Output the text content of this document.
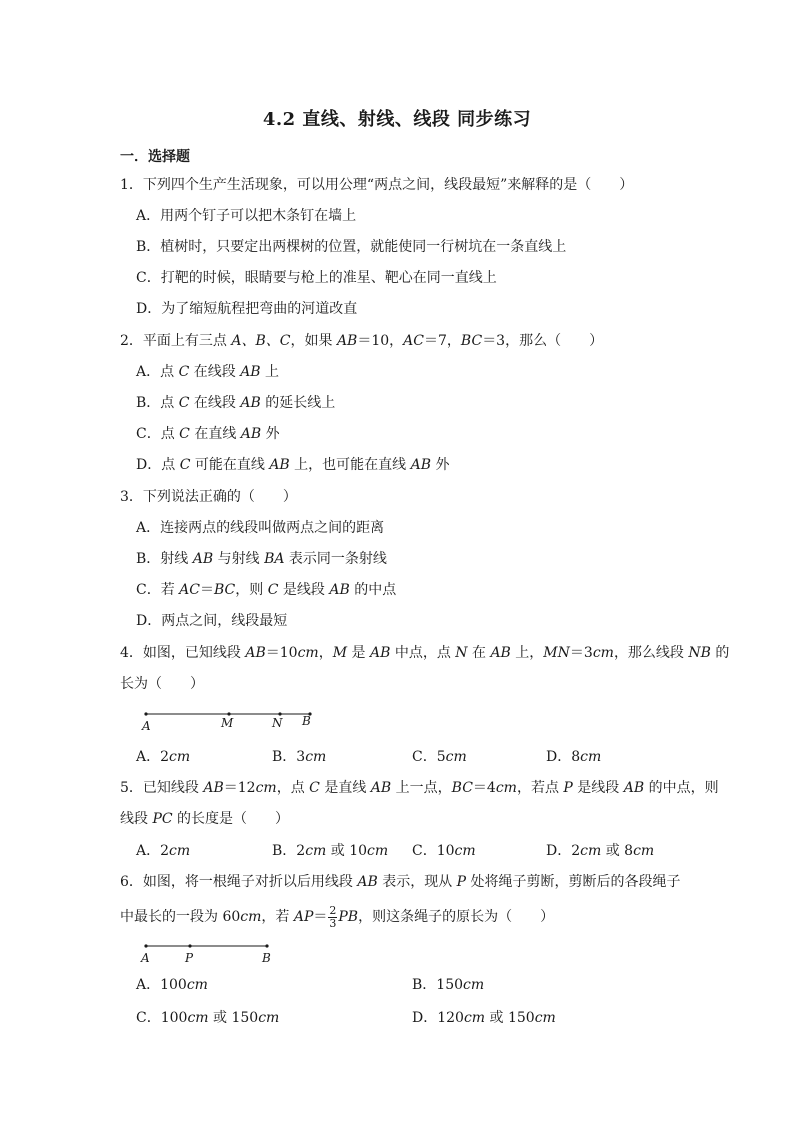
4.2 直线、射线、线段 同步练习
一．选择题
1．下列四个生产生活现象，可以用公理“两点之间，线段最短”来解释的是（　　）
A．用两个钉子可以把木条钉在墙上
B．植树时，只要定出两棵树的位置，就能使同一行树坑在一条直线上
C．打靶的时候，眼睛要与枪上的准星、靶心在同一直线上
D．为了缩短航程把弯曲的河道改直
2．平面上有三点 A、B、C，如果 AB＝10，AC＝7，BC＝3，那么（　　）
A．点 C 在线段 AB 上
B．点 C 在线段 AB 的延长线上
C．点 C 在直线 AB 外
D．点 C 可能在直线 AB 上，也可能在直线 AB 外
3．下列说法正确的（　　）
A．连接两点的线段叫做两点之间的距离
B．射线 AB 与射线 BA 表示同一条射线
C．若 AC＝BC，则 C 是线段 AB 的中点
D．两点之间，线段最短
4．如图，已知线段 AB＝10cm，M 是 AB 中点，点 N 在 AB 上，MN＝3cm，那么线段 NB 的
长为（　　）
A	M	N B
A．2cm	B．3cm	C．5cm	D．8cm
5．已知线段 AB＝12cm，点 C 是直线 AB 上一点，BC＝4cm，若点 P 是线段 AB 的中点，则
线段 PC 的长度是（　　）
A．2cm	B．2cm 或 10cm C．10cm	D．2cm 或 8cm
6．如图，将一根绳子对折以后用线段 AB 表示，现从 P 处将绳子剪断，剪断后的各段绳子
中最长的一段为 60cm，若 $AP= \frac{2}{3}$ PB，则这条绳子的原长为（　　）
A	P	B
A．100cm	B．150cm
C．100cm 或 150cm	D．120cm 或 150cm
